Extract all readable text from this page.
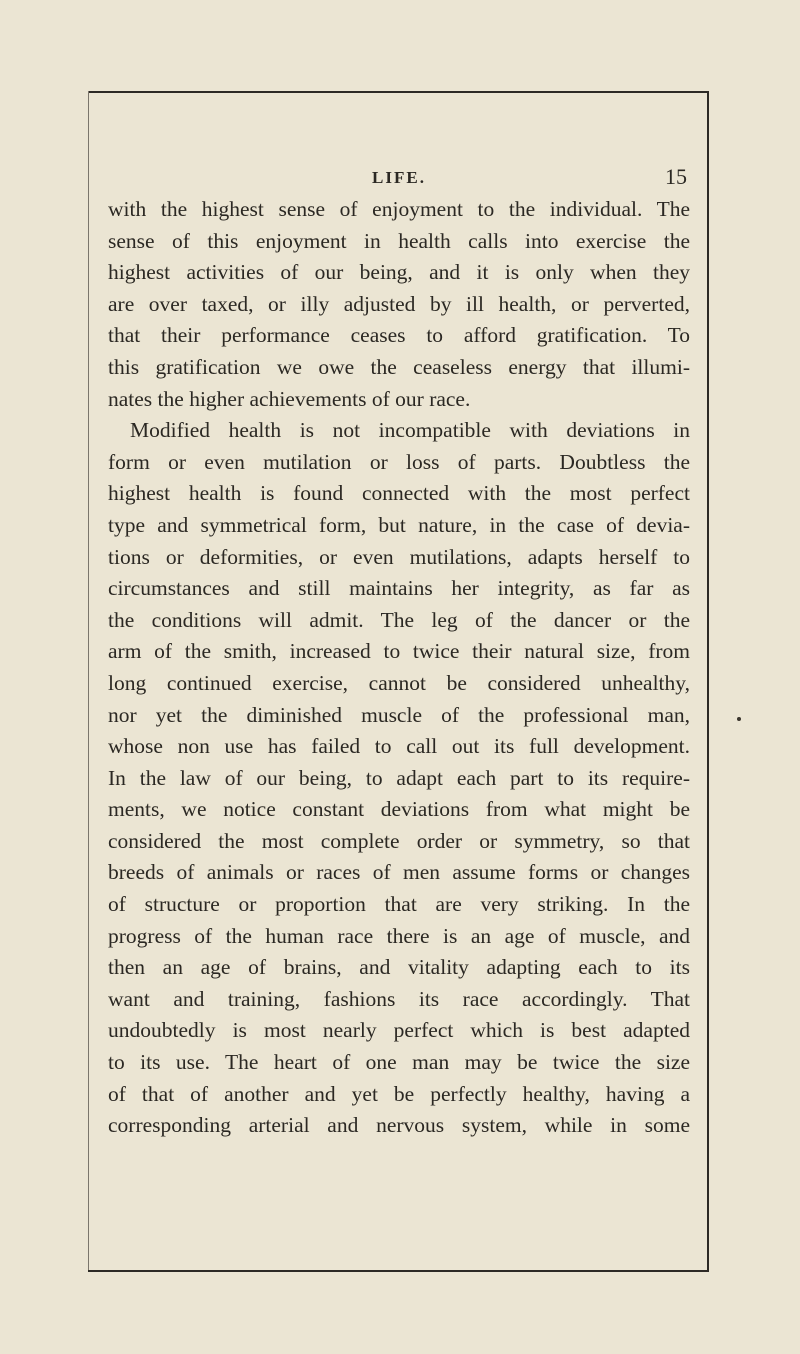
LIFE.	15
with the highest sense of enjoyment to the individual. The
sense of this enjoyment in health calls into exercise the
highest activities of our being, and it is only when they
are over taxed, or illy adjusted by ill health, or perverted,
that their performance ceases to afford gratification. To
this gratification we owe the ceaseless energy that illumi-
nates the higher achievements of our race.
Modified health is not incompatible with deviations in
form or even mutilation or loss of parts. Doubtless the
highest health is found connected with the most perfect
type and symmetrical form, but nature, in the case of devia-
tions or deformities, or even mutilations, adapts herself to
circumstances and still maintains her integrity, as far as
the conditions will admit. The leg of the dancer or the
arm of the smith, increased to twice their natural size, from
long continued exercise, cannot be considered unhealthy,
nor yet the diminished muscle of the professional man,
whose non use has failed to call out its full development.
In the law of our being, to adapt each part to its require-
ments, we notice constant deviations from what might be
considered the most complete order or symmetry, so that
breeds of animals or races of men assume forms or changes
of structure or proportion that are very striking. In the
progress of the human race there is an age of muscle, and
then an age of brains, and vitality adapting each to its
want and training, fashions its race accordingly. That
undoubtedly is most nearly perfect which is best adapted
to its use. The heart of one man may be twice the size
of that of another and yet be perfectly healthy, having a
corresponding arterial and nervous system, while in some
